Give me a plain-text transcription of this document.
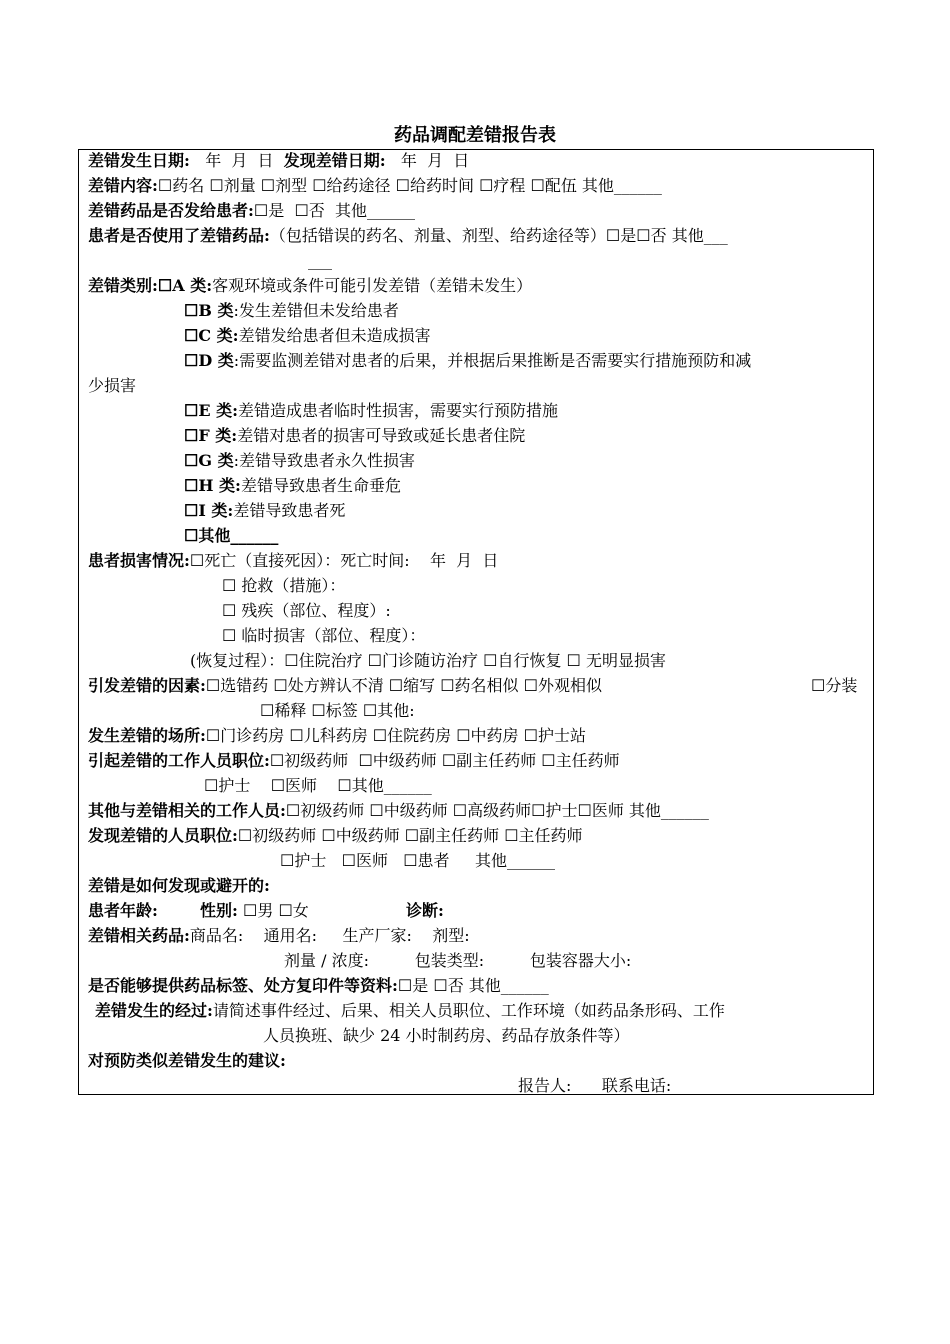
药品调配差错报告表
差错发生日期:   年  月  日  发现差错日期:   年  月  日
差错内容:☐药名 ☐剂量 ☐剂型 ☐给药途径 ☐给药时间 ☐疗程 ☐配伍 其他______
差错药品是否发给患者:☐是  ☐否  其他______
患者是否使用了差错药品:（包括错误的药名、剂量、剂型、给药途径等）☐是☐否 其他___
___
差错类别:☐A 类:客观环境或条件可能引发差错（差错未发生）
☐B 类:发生差错但未发给患者
☐C 类:差错发给患者但未造成损害
☐D 类:需要监测差错对患者的后果，并根据后果推断是否需要实行措施预防和减
少损害
☐E 类:差错造成患者临时性损害，需要实行预防措施
☐F 类:差错对患者的损害可导致或延长患者住院
☐G 类:差错导致患者永久性损害
☐H 类:差错导致患者生命垂危
☐I 类:差错导致患者死
☐其他______
患者损害情况:☐死亡（直接死因）：死亡时间:    年  月  日
☐ 抢救（措施）：
☐ 残疾（部位、程度）:
☐ 临时损害（部位、程度）：
(恢复过程）：☐住院治疗 ☐门诊随访治疗 ☐自行恢复 ☐ 无明显损害
引发差错的因素:☐选错药 ☐处方辨认不清 ☐缩写 ☐药名相似 ☐外观相似	☐分装
☐稀释 ☐标签 ☐其他:
发生差错的场所:☐门诊药房 ☐儿科药房 ☐住院药房 ☐中药房 ☐护士站
引起差错的工作人员职位:☐初级药师  ☐中级药师 ☐副主任药师 ☐主任药师
☐护士    ☐医师    ☐其他______
其他与差错相关的工作人员:☐初级药师 ☐中级药师 ☐高级药师☐护士☐医师 其他______
发现差错的人员职位:☐初级药师 ☐中级药师 ☐副主任药师 ☐主任药师
☐护士   ☐医师   ☐患者     其他______
差错是如何发现或避开的:
患者年龄:	性别: ☐男 ☐女	诊断:
差错相关药品:商品名:    通用名:     生产厂家:    剂型:
剂量 / 浓度:         包装类型:         包装容器大小:
是否能够提供药品标签、处方复印件等资料:☐是 ☐否 其他______
差错发生的经过:请简述事件经过、后果、相关人员职位、工作环境（如药品条形码、工作
人员换班、缺少 24 小时制药房、药品存放条件等）
对预防类似差错发生的建议:
报告人:      联系电话:
